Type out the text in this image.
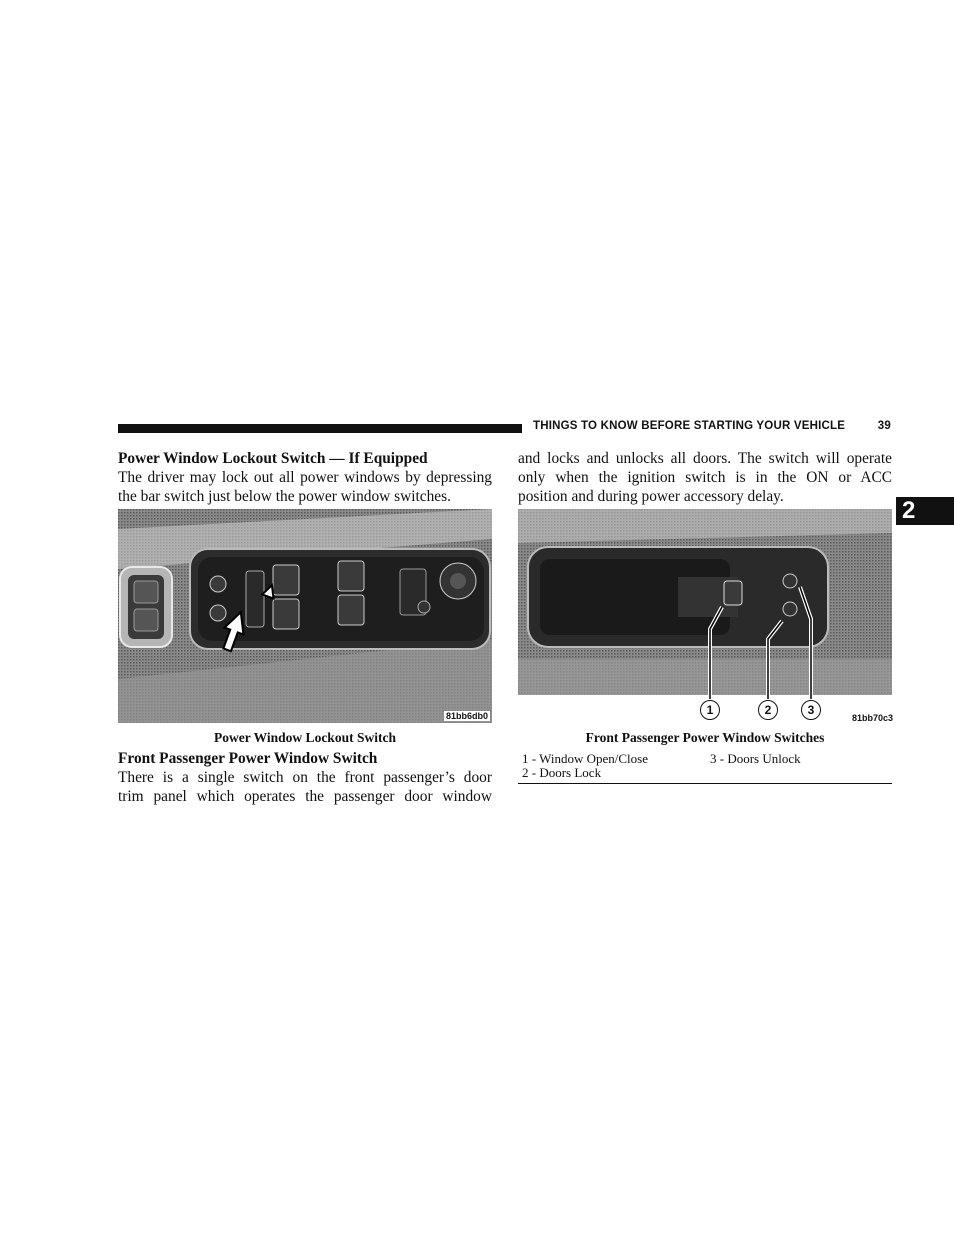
THINGS TO KNOW BEFORE STARTING YOUR VEHICLE	39
2
Power Window Lockout Switch — If Equipped

The driver may lock out all power windows by depressing

the bar switch just below the power window switches.

81bb6db0
Power Window Lockout Switch
Front Passenger Power Window Switch

There is a single switch on the front passenger’s door

trim panel which operates the passenger door window

and locks and unlocks all doors. The switch will operate

only when the ignition switch is in the ON or ACC

position and during power accessory delay.

1	2	3
81bb70c3
Front Passenger Power Window Switches
1 - Window Open/Close	3 - Doors Unlock
2 - Doors Lock
